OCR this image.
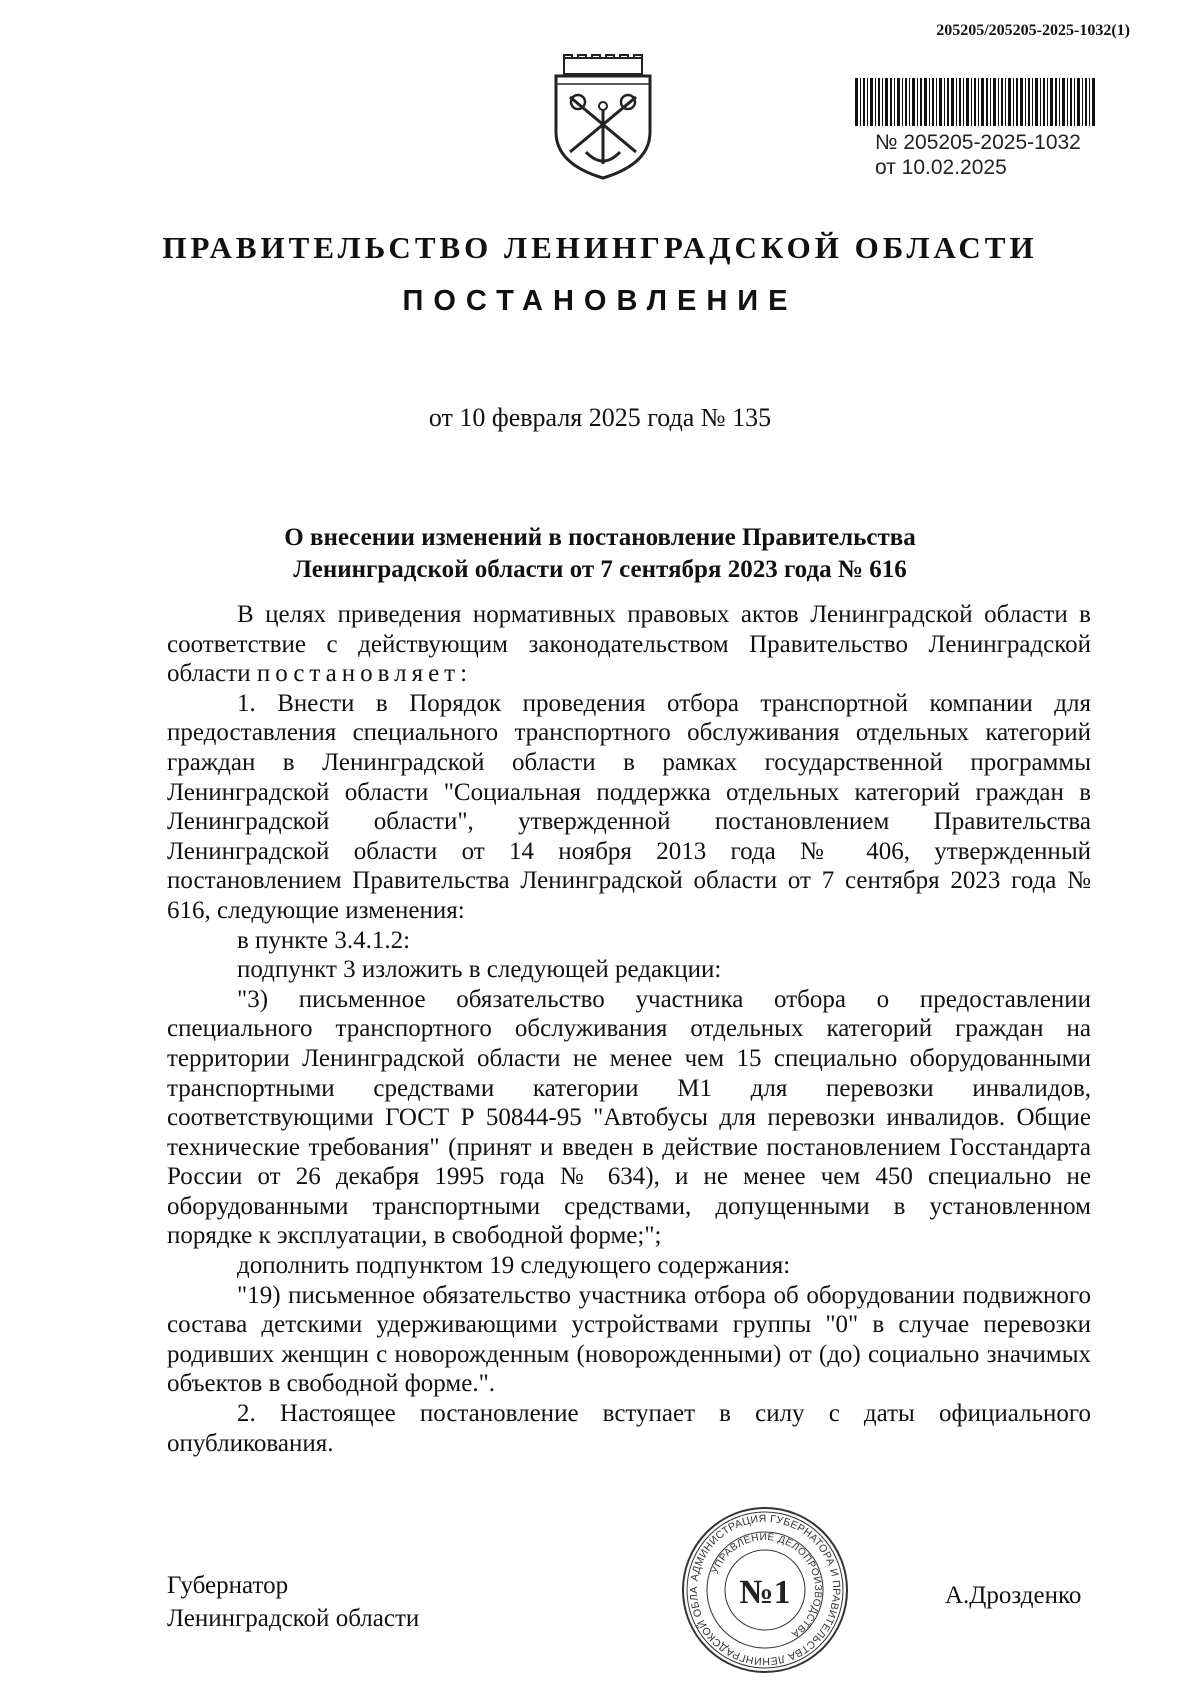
205205/205205-2025-1032(1)
№ 205205-2025-1032
от 10.02.2025
ПРАВИТЕЛЬСТВО ЛЕНИНГРАДСКОЙ ОБЛАСТИ
ПОСТАНОВЛЕНИЕ
от 10 февраля 2025 года № 135
О внесении изменений в постановление Правительства
Ленинградской области от 7 сентября 2023 года № 616

В целях приведения нормативных правовых актов Ленинградской области в соответствие с действующим законодательством Правительство Ленинградской области постановляет:

1. Внести в Порядок проведения отбора транспортной компании для предоставления специального транспортного обслуживания отдельных категорий граждан в Ленинградской области в рамках государственной программы Ленинградской области "Социальная поддержка отдельных категорий граждан в Ленинградской области", утвержденной постановлением Правительства Ленинградской области от 14 ноября 2013 года № 406, утвержденный постановлением Правительства Ленинградской области от 7 сентября 2023 года № 616, следующие изменения:

в пункте 3.4.1.2:

подпункт 3 изложить в следующей редакции:

"3) письменное обязательство участника отбора о предоставлении специального транспортного обслуживания отдельных категорий граждан на территории Ленинградской области не менее чем 15 специально оборудованными транспортными средствами категории М1 для перевозки инвалидов, соответствующими ГОСТ Р 50844-95 "Автобусы для перевозки инвалидов. Общие технические требования" (принят и введен в действие постановлением Госстандарта России от 26 декабря 1995 года № 634), и не менее чем 450 специально не оборудованными транспортными средствами, допущенными в установленном порядке к эксплуатации, в свободной форме;";

дополнить подпунктом 19 следующего содержания:

"19) письменное обязательство участника отбора об оборудовании подвижного состава детскими удерживающими устройствами группы "0" в случае перевозки родивших женщин с новорожденным (новорожденными) от (до) социально значимых объектов в свободной форме.".

2. Настоящее постановление вступает в силу с даты официального опубликования.

Губернатор
Ленинградской области
АДМИНИСТРАЦИЯ ГУБЕРНАТОРА И ПРАВИТЕЛЬСТВА ЛЕНИНГРАДСКОЙ ОБЛА
УПРАВЛЕНИЕ ДЕЛОПРОИЗВОДСТВА
№1	А.Дрозденко
